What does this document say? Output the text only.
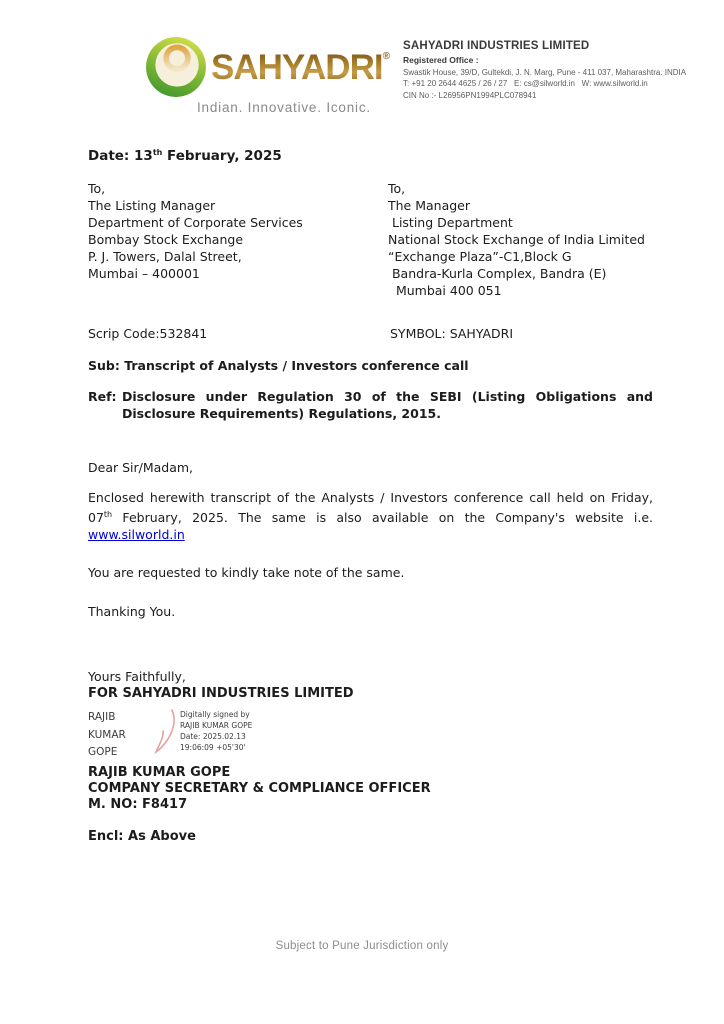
SAHYADRI®
Indian. Innovative. Iconic.
SAHYADRI INDUSTRIES LIMITED
Registered Office :
Swastik House, 39/D, Gultekdi, J. N. Marg, Pune - 411 037, Maharashtra. INDIA
T: +91 20 2644 4625 / 26 / 27   E: cs@silworld.in   W: www.silworld.in
CIN No :- L26956PN1994PLC078941
Date: 13th February, 2025
To,
The Listing Manager
Department of Corporate Services
Bombay Stock Exchange
P. J. Towers, Dalal Street,
Mumbai – 400001
To,
The Manager
Listing Department
National Stock Exchange of India Limited
“Exchange Plaza”-C1,Block G
Bandra-Kurla Complex, Bandra (E)
Mumbai 400 051
Scrip Code:532841	SYMBOL: SAHYADRI
Sub: Transcript of Analysts / Investors conference call
Ref: Disclosure under Regulation 30 of the SEBI (Listing Obligations and Disclosure Requirements) Regulations, 2015.
Dear Sir/Madam,
Enclosed herewith transcript of the Analysts / Investors conference call held on Friday, 07th February, 2025. The same is also available on the Company's website i.e. www.silworld.in
You are requested to kindly take note of the same.
Thanking You.
Yours Faithfully,
FOR SAHYADRI INDUSTRIES LIMITED
RAJIB
KUMAR
GOPE
Digitally signed by
RAJIB KUMAR GOPE
Date: 2025.02.13
19:06:09 +05'30'
RAJIB KUMAR GOPE
COMPANY SECRETARY & COMPLIANCE OFFICER
M. NO: F8417
Encl: As Above
Subject to Pune Jurisdiction only
